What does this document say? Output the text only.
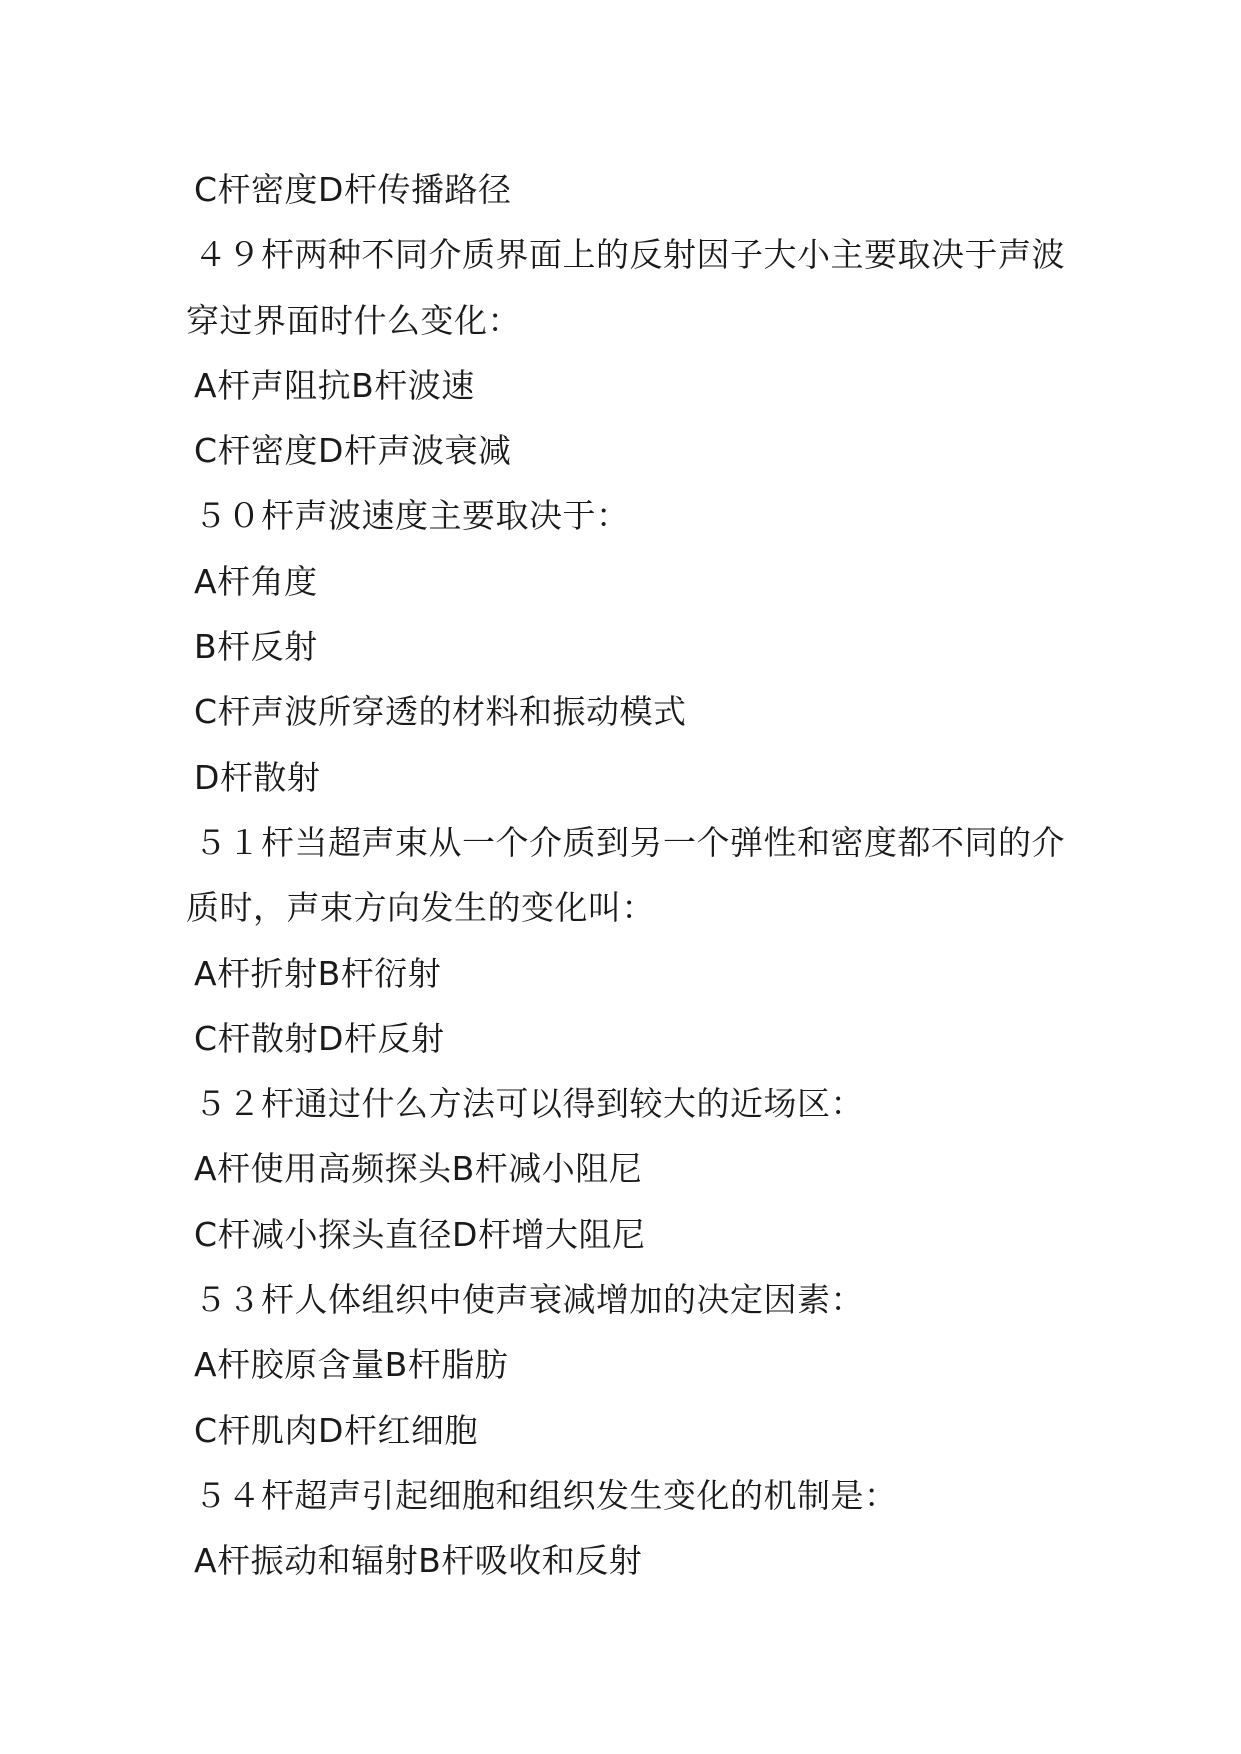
C杆密度D杆传播路径
４９杆两种不同介质界面上的反射因子大小主要取决于声波
穿过界面时什么变化：
A杆声阻抗B杆波速
C杆密度D杆声波衰减
５０杆声波速度主要取决于：
A杆角度
B杆反射
C杆声波所穿透的材料和振动模式
D杆散射
５１杆当超声束从一个介质到另一个弹性和密度都不同的介
质时，声束方向发生的变化叫：
A杆折射B杆衍射
C杆散射D杆反射
５２杆通过什么方法可以得到较大的近场区：
A杆使用高频探头B杆减小阻尼
C杆减小探头直径D杆增大阻尼
５３杆人体组织中使声衰减增加的决定因素：
A杆胶原含量B杆脂肪
C杆肌肉D杆红细胞
５４杆超声引起细胞和组织发生变化的机制是：
A杆振动和辐射B杆吸收和反射
